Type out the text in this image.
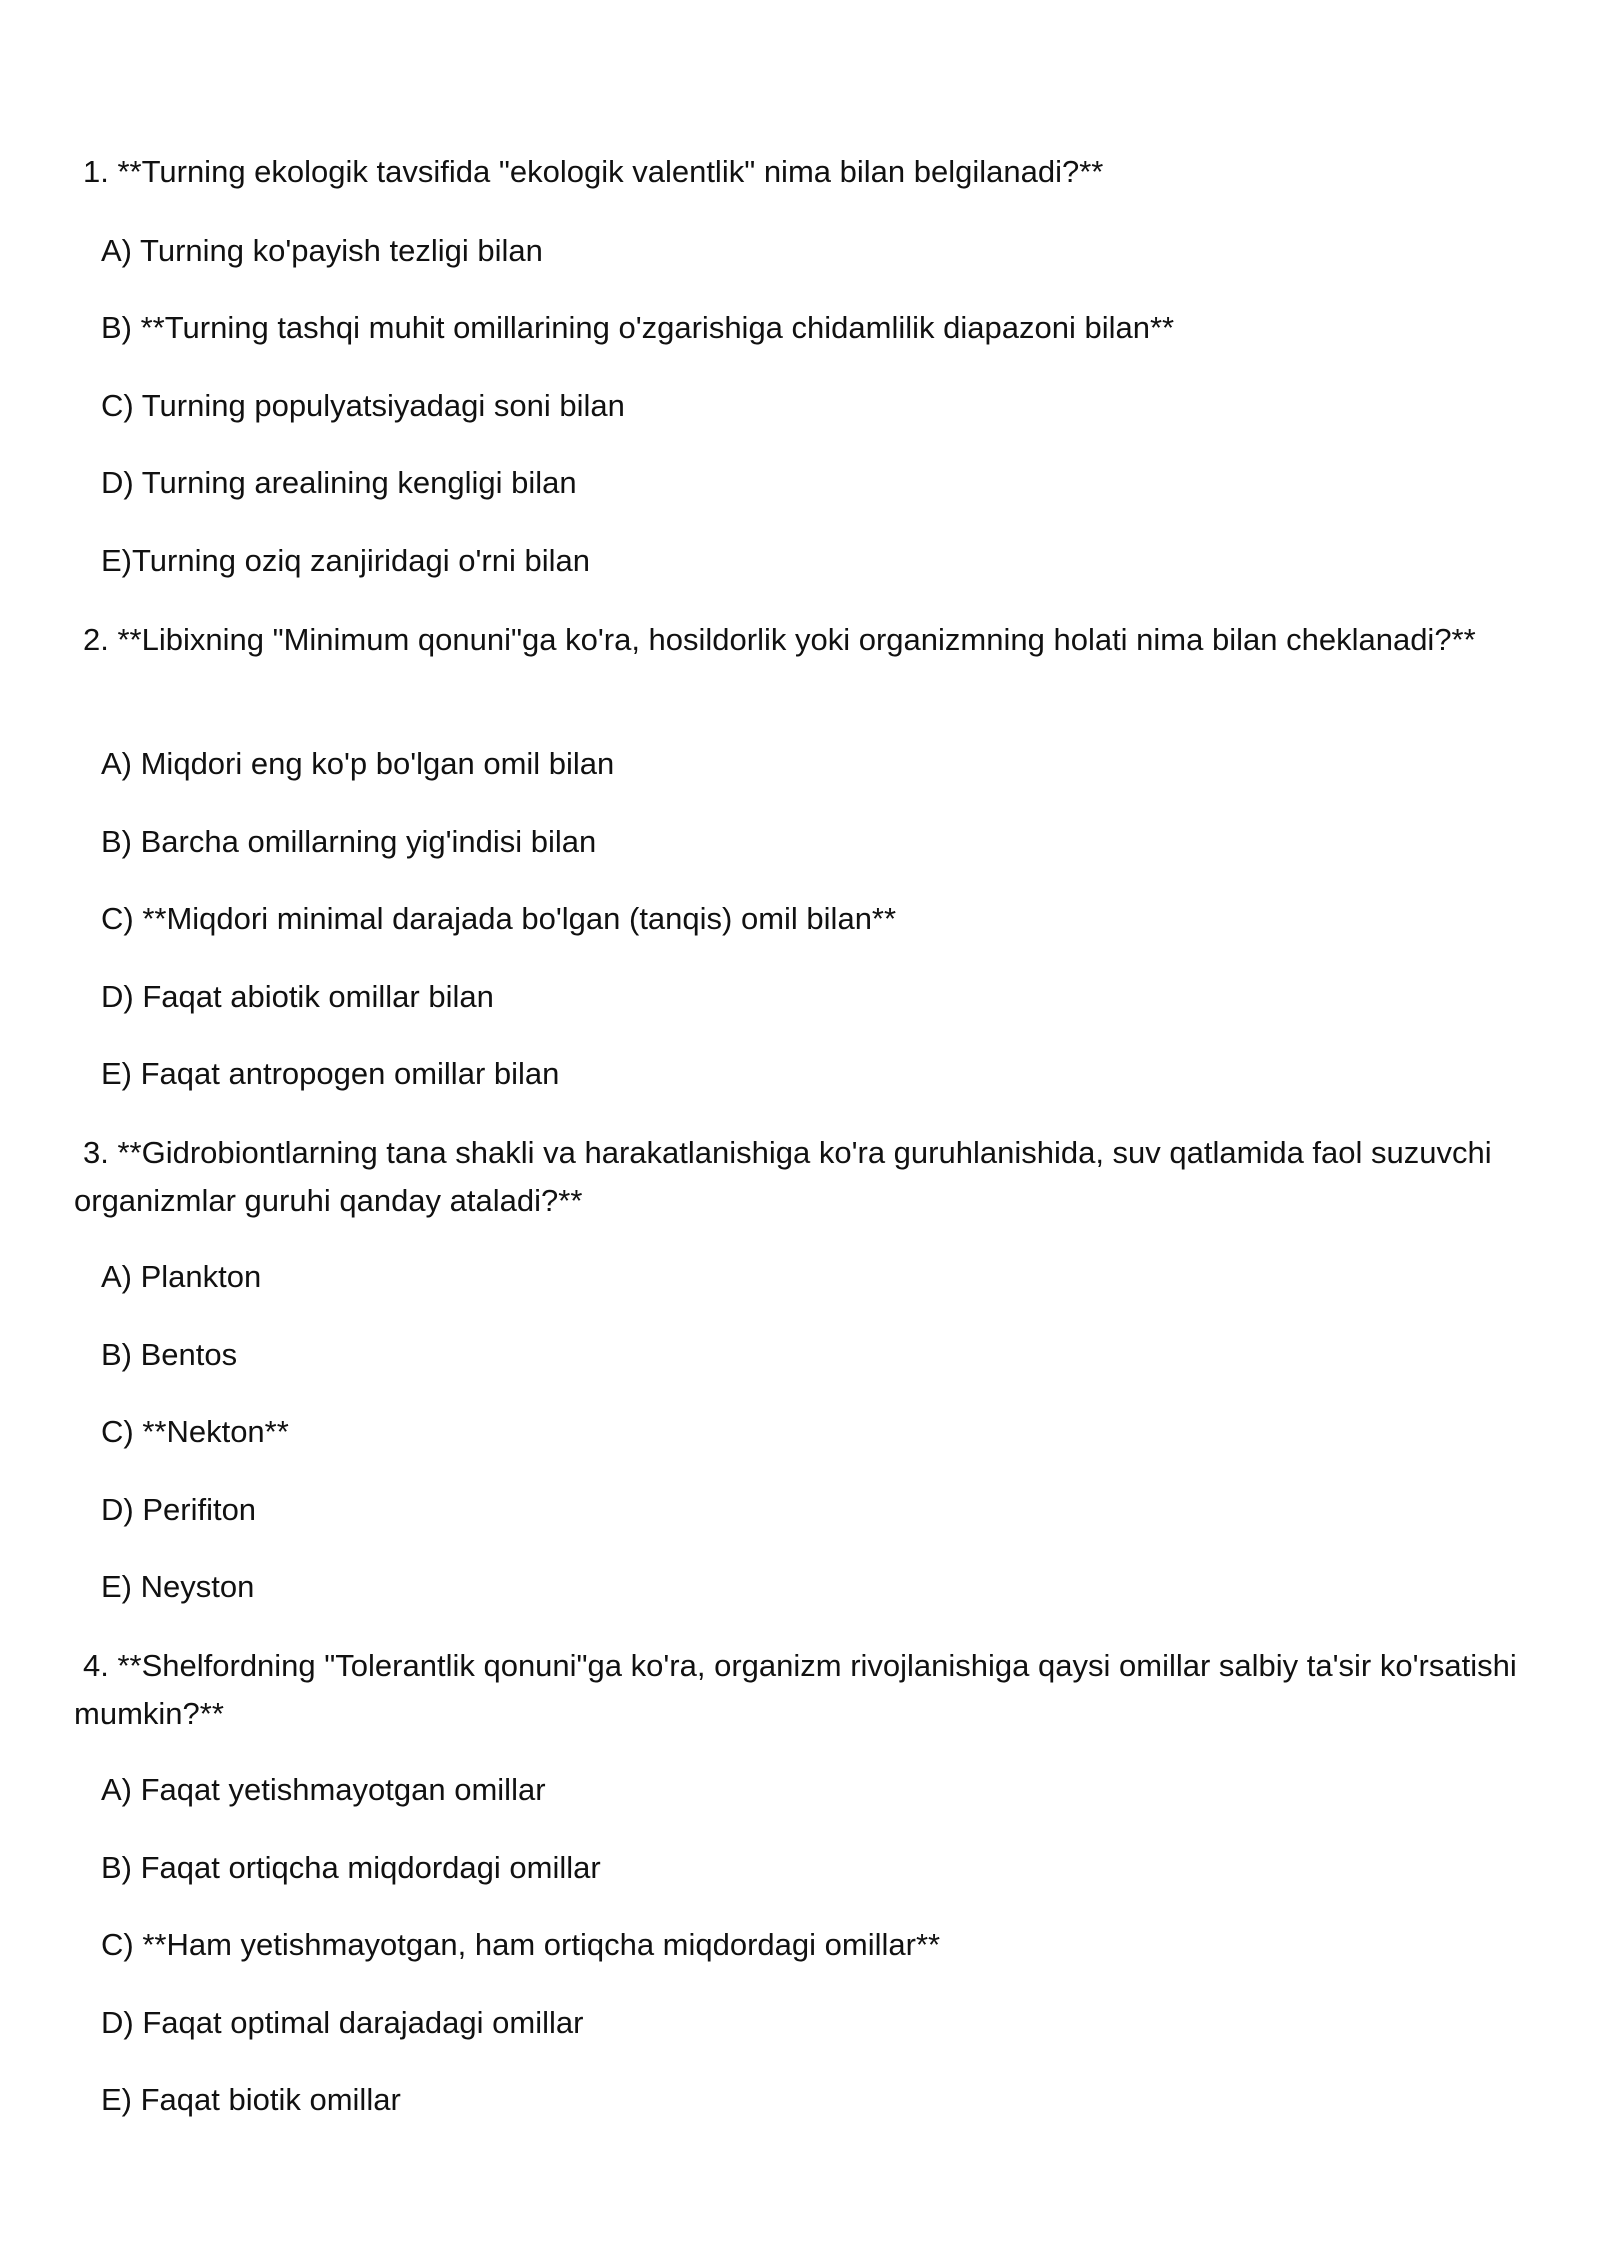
1. **Turning ekologik tavsifida "ekologik valentlik" nima bilan belgilanadi?**

A) Turning ko'payish tezligi bilan

B) **Turning tashqi muhit omillarining o'zgarishiga chidamlilik diapazoni bilan**

C) Turning populyatsiyadagi soni bilan

D) Turning arealining kengligi bilan

E)Turning oziq zanjiridagi o'rni bilan

2. **Libixning "Minimum qonuni"ga ko'ra, hosildorlik yoki organizmning holati nima bilan cheklanadi?**

A) Miqdori eng ko'p bo'lgan omil bilan

B) Barcha omillarning yig'indisi bilan

C) **Miqdori minimal darajada bo'lgan (tanqis) omil bilan**

D) Faqat abiotik omillar bilan

E) Faqat antropogen omillar bilan

3. **Gidrobiontlarning tana shakli va harakatlanishiga ko'ra guruhlanishida, suv qatlamida faol suzuvchi organizmlar guruhi qanday ataladi?**

A) Plankton

B) Bentos

C) **Nekton**

D) Perifiton

E) Neyston

4. **Shelfordning "Tolerantlik qonuni"ga ko'ra, organizm rivojlanishiga qaysi omillar salbiy ta'sir ko'rsatishi mumkin?**

A) Faqat yetishmayotgan omillar

B) Faqat ortiqcha miqdordagi omillar

C) **Ham yetishmayotgan, ham ortiqcha miqdordagi omillar**

D) Faqat optimal darajadagi omillar

E) Faqat biotik omillar
